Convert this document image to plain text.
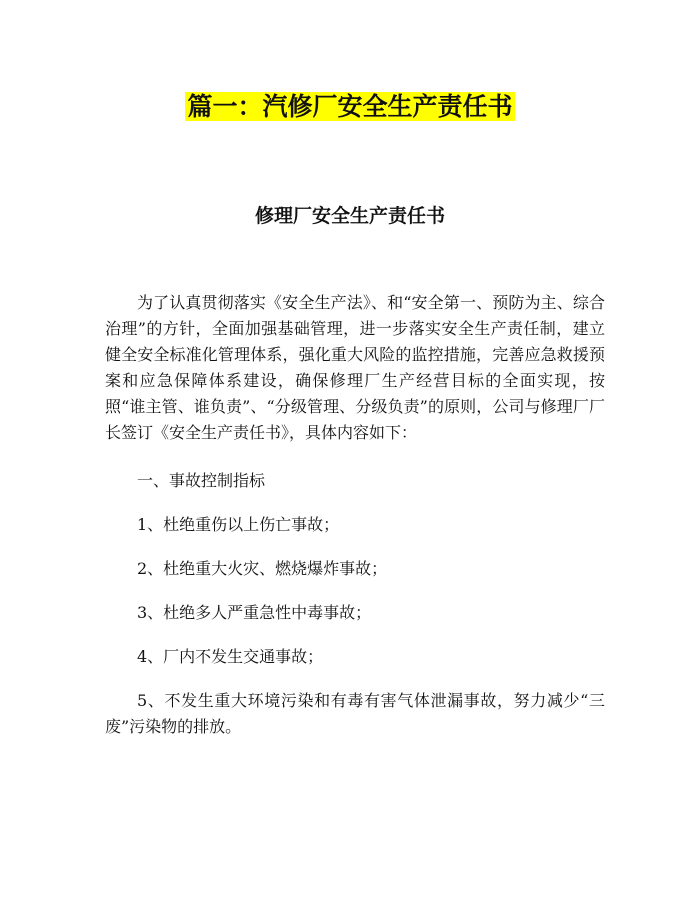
篇一：汽修厂安全生产责任书
修理厂安全生产责任书

为了认真贯彻落实《安全生产法》、和“安全第一、预防为主、综合治理”的方针，全面加强基础管理，进一步落实安全生产责任制，建立健全安全标准化管理体系，强化重大风险的监控措施，完善应急救援预案和应急保障体系建设，确保修理厂生产经营目标的全面实现，按照“谁主管、谁负责”、“分级管理、分级负责”的原则，公司与修理厂厂长签订《安全生产责任书》，具体内容如下：

一、事故控制指标

1、杜绝重伤以上伤亡事故；

2、杜绝重大火灾、燃烧爆炸事故；

3、杜绝多人严重急性中毒事故；

4、厂内不发生交通事故；

5、不发生重大环境污染和有毒有害气体泄漏事故，努力减少“三废”污染物的排放。
